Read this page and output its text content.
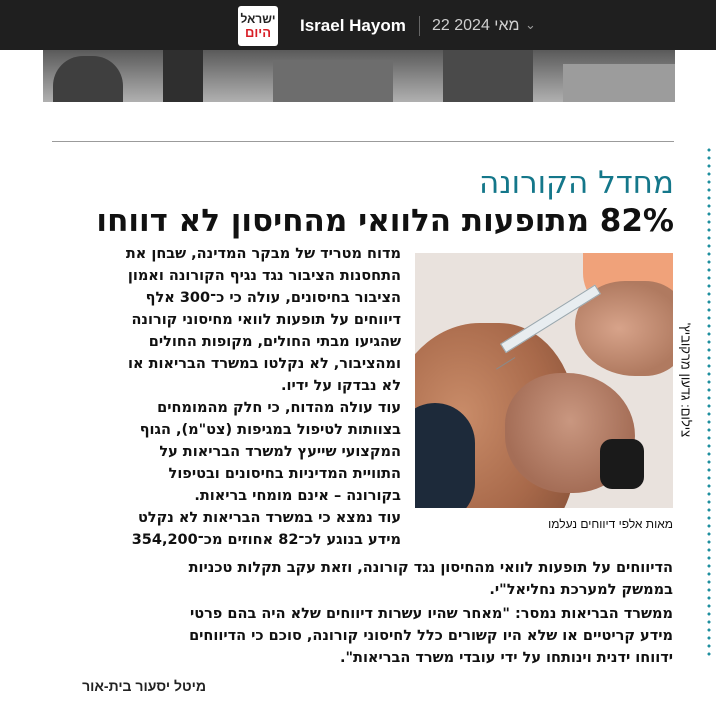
ישראל
היום Israel Hayom 22 מאי 2024 ⌄
מחדל הקורונה
82% מתופעות הלוואי מהחיסון לא דווחו
צילום: גדעון מרקוביץ'
מאות אלפי דיווחים נעלמו
מדוח מטריד של מבקר המדינה, שבחן את
התחסנות הציבור נגד נגיף הקורונה ואמון
הציבור בחיסונים, עולה כי כ־300 אלף
דיווחים על תופעות לוואי מחיסוני קורונה
שהגיעו מבתי החולים, מקופות החולים
ומהציבור, לא נקלטו במשרד הבריאות או
לא נבדקו על ידיו.
עוד עולה מהדוח, כי חלק מהמומחים
בצוותות לטיפול במגיפות (צט"מ), הגוף
המקצועי שייעץ למשרד הבריאות על
התוויית המדיניות בחיסונים ובטיפול
בקורונה – אינם מומחי בריאות.
עוד נמצא כי במשרד הבריאות לא נקלט
מידע בנוגע לכ־82 אחוזים מכ־354,200
הדיווחים על תופעות לוואי מהחיסון נגד קורונה, וזאת עקב תקלות טכניות
בממשק למערכת נחליאל"י.
ממשרד הבריאות נמסר: "מאחר שהיו עשרות דיווחים שלא היה בהם פרטי
מידע קריטיים או שלא היו קשורים כלל לחיסוני קורונה, סוכם כי הדיווחים
ידווחו ידנית וינותחו על ידי עובדי משרד הבריאות".
מיטל יסעור בית-אור
